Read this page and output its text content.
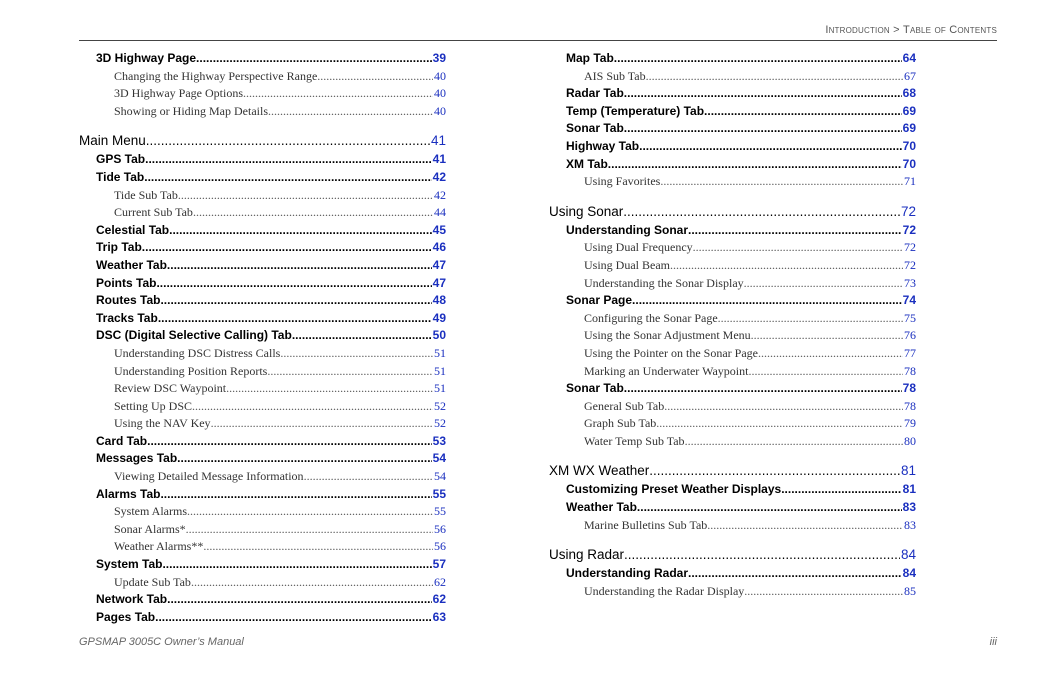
Introduction > Table of Contents
3D Highway Page .....	39
Changing the Highway Perspective Range .....	40
3D Highway Page Options .....	40
Showing or Hiding Map Details .....	40
Main Menu .....	41
GPS Tab .....	41
Tide Tab .....	42
Tide Sub Tab .....	42
Current Sub Tab .....	44
Celestial Tab .....	45
Trip Tab .....	46
Weather Tab .....	47
Points Tab .....	47
Routes Tab .....	48
Tracks Tab .....	49
DSC (Digital Selective Calling) Tab .....	50
Understanding DSC Distress Calls .....	51
Understanding Position Reports .....	51
Review DSC Waypoint .....	51
Setting Up DSC .....	52
Using the NAV Key .....	52
Card Tab .....	53
Messages Tab .....	54
Viewing Detailed Message Information .....	54
Alarms Tab .....	55
System Alarms .....	55
Sonar Alarms* .....	56
Weather Alarms** .....	56
System Tab .....	57
Update Sub Tab .....	62
Network Tab .....	62
Pages Tab .....	63
Map Tab .....	64
AIS Sub Tab .....	67
Radar Tab .....	68
Temp (Temperature) Tab .....	69
Sonar Tab .....	69
Highway Tab .....	70
XM Tab .....	70
Using Favorites .....	71
Using Sonar .....	72
Understanding Sonar .....	72
Using Dual Frequency .....	72
Using Dual Beam .....	72
Understanding the Sonar Display .....	73
Sonar Page .....	74
Configuring the Sonar Page .....	75
Using the Sonar Adjustment Menu .....	76
Using the Pointer on the Sonar Page .....	77
Marking an Underwater Waypoint .....	78
Sonar Tab .....	78
General Sub Tab .....	78
Graph Sub Tab .....	79
Water Temp Sub Tab .....	80
XM WX Weather .....	81
Customizing Preset Weather Displays .....	81
Weather Tab .....	83
Marine Bulletins Sub Tab .....	83
Using Radar .....	84
Understanding Radar .....	84
Understanding the Radar Display .....	85
GPSMAP 3005C Owner’s Manual	iii
